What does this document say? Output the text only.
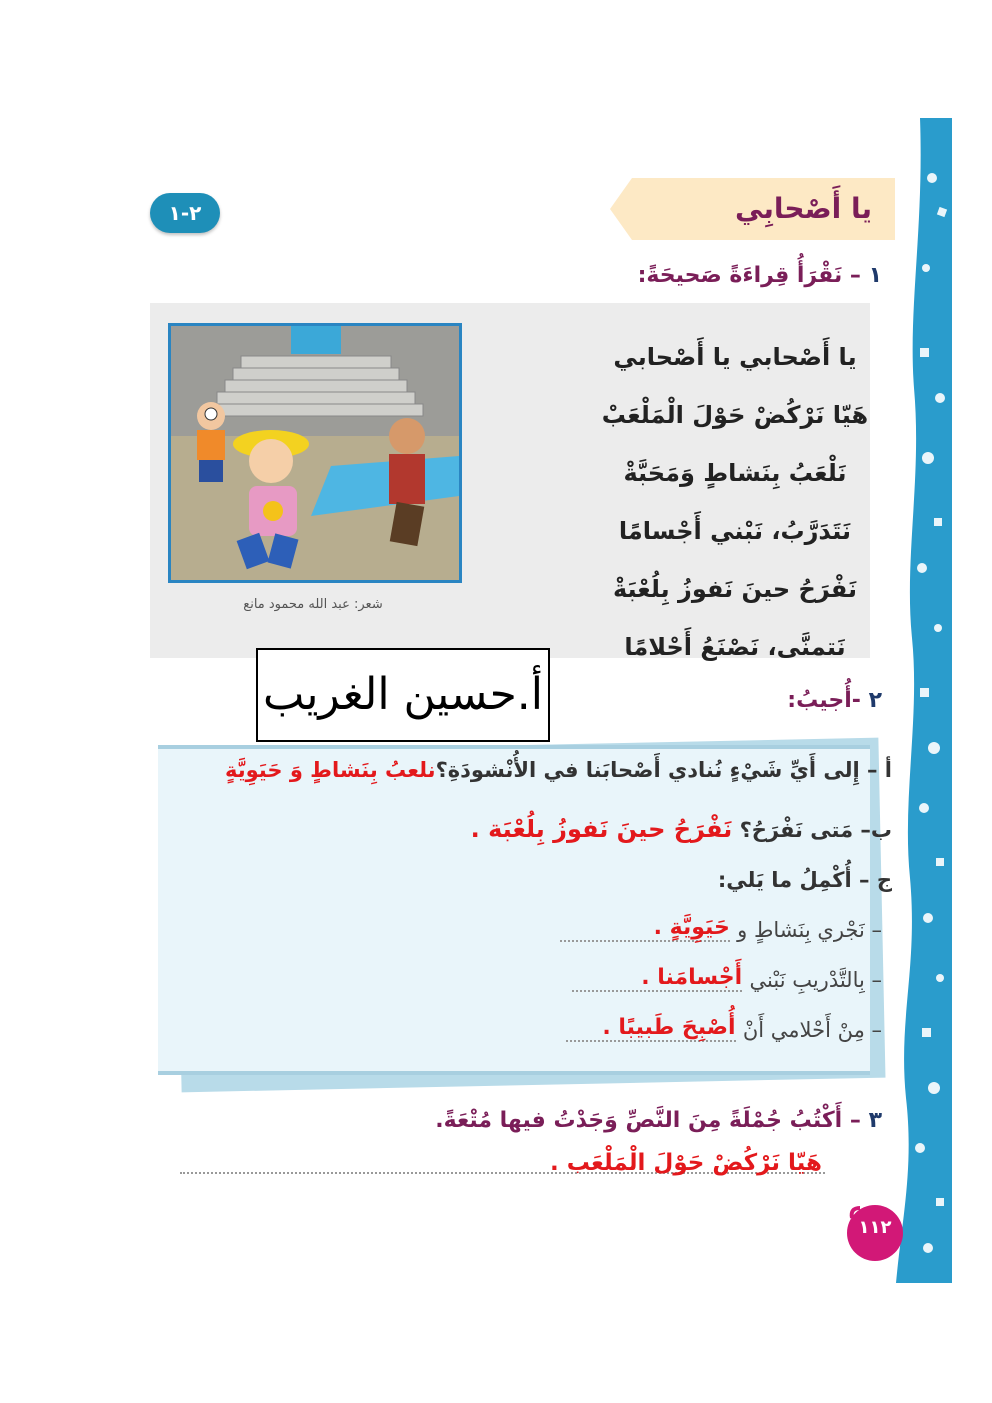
يا أَصْحابِي
٢-١
١ – نَقْرَأُ قِراءَةً صَحيحَةً:
يا أَصْحابي يا أَصْحابي
هَيّا نَرْكُضْ حَوْلَ الْمَلْعَبْ
نَلْعَبُ بِنَشاطٍ وَمَحَبَّةْ
نَتَدَرَّبُ، نَبْني أَجْسامًا
نَفْرَحُ حينَ نَفوزُ بِلُعْبَةْ
نَتمنَّى، نَصْنَعُ أَحْلامًا
شعر: عبد الله محمود مانع
أ.حسين الغريب	٢ -أُجيبُ:
أ – إِلى أَيِّ شَيْءٍ نُنادي أَصْحابَنا في الأُنْشودَةِ؟نلعبُ بِنَشاطٍ وَ حَيَوِيَّةٍ
ب– مَتى نَفْرَحُ؟ نَفْرَحُ حينَ نَفوزُ بِلُعْبَة .
ج – أُكْمِلُ ما يَلي:
– نَجْري بِنَشاطٍ و حَيَوِيَّةٍ .
– بِالتَّدْريبِ نَبْني أَجْسامَنا .
– مِنْ أَحْلامي أَنْ أُصْبِحَ طَبيبًا .
٣ – أَكْتُبُ جُمْلَةً مِنَ النَّصِّ وَجَدْتُ فيها مُتْعَةً.
هَيّا نَرْكُضْ حَوْلَ الْمَلْعَب .
١١٢
